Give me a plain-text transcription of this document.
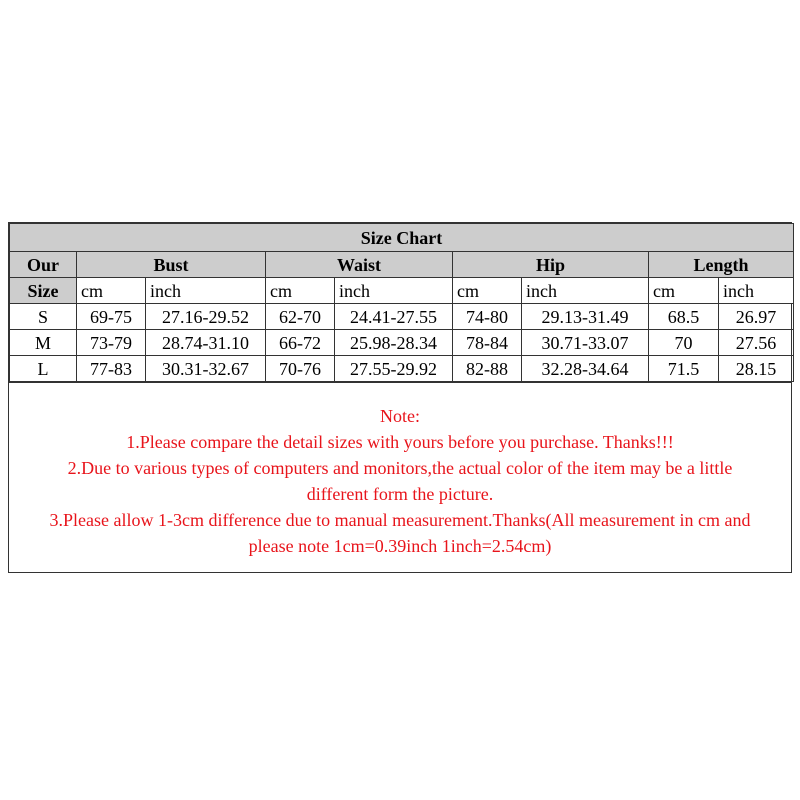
Size Chart								
Our	Bust		Waist		Hip		Length	
Size	cm	inch	cm	inch	cm	inch	cm	inch
S	69-75	27.16-29.52	62-70	24.41-27.55	74-80	29.13-31.49	68.5	26.97
M	73-79	28.74-31.10	66-72	25.98-28.34	78-84	30.71-33.07	70	27.56
L	77-83	30.31-32.67	70-76	27.55-29.92	82-88	32.28-34.64	71.5	28.15

Note:

1.Please compare the detail sizes with yours before you purchase. Thanks!!!

2.Due to various types of computers and monitors,the actual color of the item may be a little

different form the picture.

3.Please allow 1-3cm difference due to manual measurement.Thanks(All measurement in cm and

please note 1cm=0.39inch 1inch=2.54cm)
